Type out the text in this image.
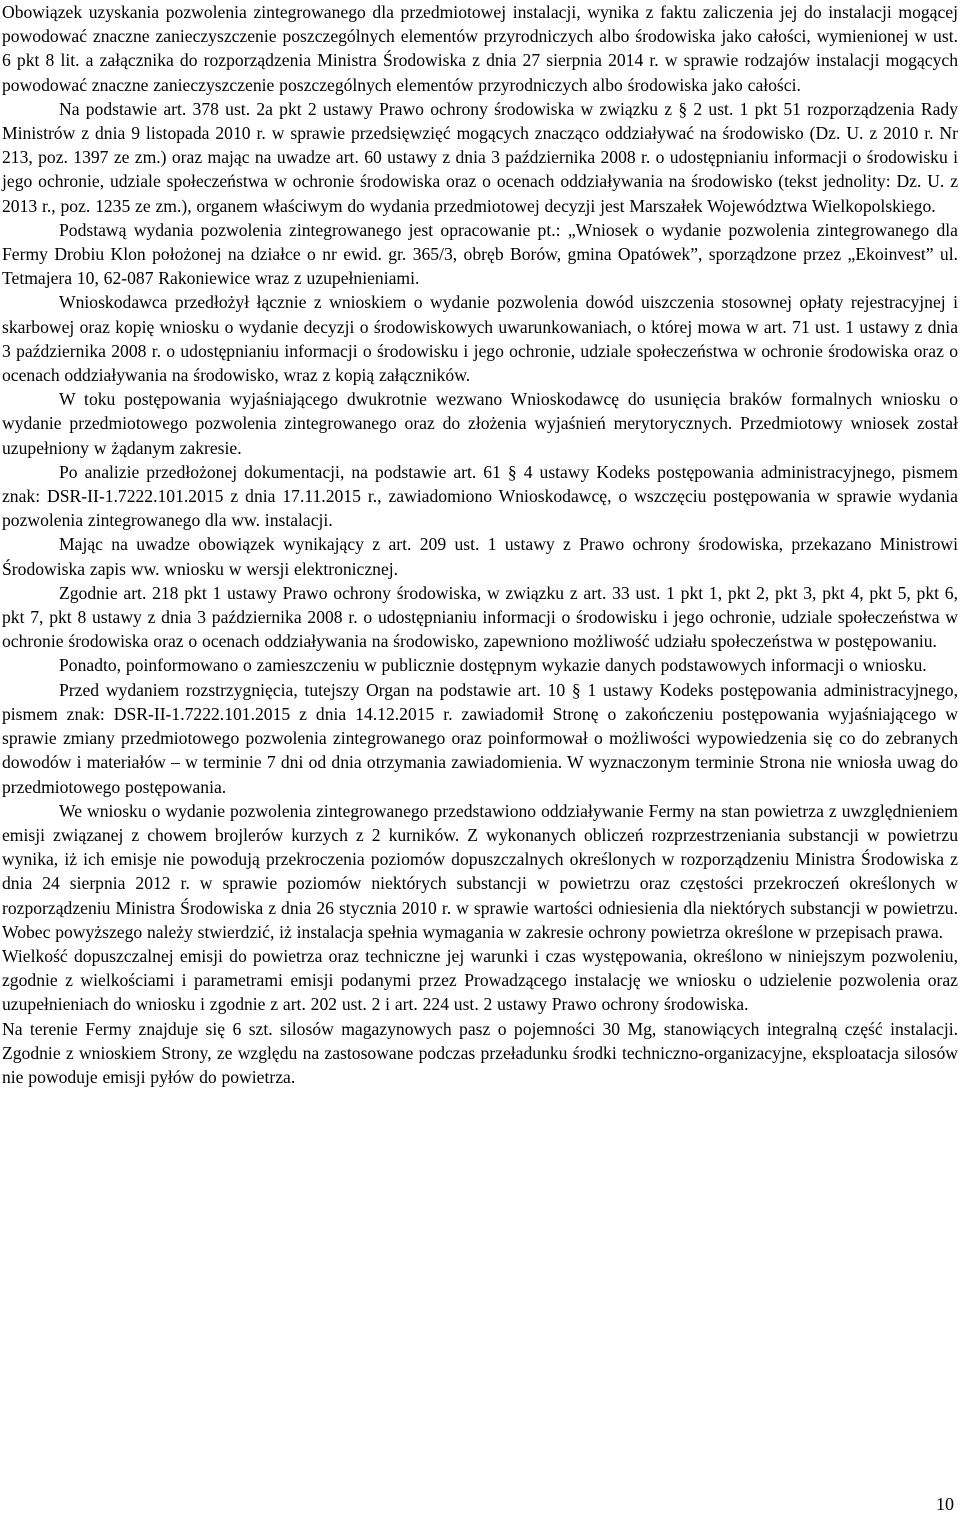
Obowiązek uzyskania pozwolenia zintegrowanego dla przedmiotowej instalacji, wynika z faktu zaliczenia jej do instalacji mogącej powodować znaczne zanieczyszczenie poszczególnych elementów przyrodniczych albo środowiska jako całości, wymienionej w ust. 6 pkt 8 lit. a załącznika do rozporządzenia Ministra Środowiska z dnia 27 sierpnia 2014 r. w sprawie rodzajów instalacji mogących powodować znaczne zanieczyszczenie poszczególnych elementów przyrodniczych albo środowiska jako całości.

Na podstawie art. 378 ust. 2a pkt 2 ustawy Prawo ochrony środowiska w związku z § 2 ust. 1 pkt 51 rozporządzenia Rady Ministrów z dnia 9 listopada 2010 r. w sprawie przedsięwzięć mogących znacząco oddziaływać na środowisko (Dz. U. z 2010 r. Nr 213, poz. 1397 ze zm.) oraz mając na uwadze art. 60 ustawy z dnia 3 października 2008 r. o udostępnianiu informacji o środowisku i jego ochronie, udziale społeczeństwa w ochronie środowiska oraz o ocenach oddziaływania na środowisko (tekst jednolity: Dz. U. z 2013 r., poz. 1235 ze zm.), organem właściwym do wydania przedmiotowej decyzji jest Marszałek Województwa Wielkopolskiego.

Podstawą wydania pozwolenia zintegrowanego jest opracowanie pt.: „Wniosek o wydanie pozwolenia zintegrowanego dla Fermy Drobiu Klon położonej na działce o nr ewid. gr. 365/3, obręb Borów, gmina Opatówek”, sporządzone przez „Ekoinvest” ul. Tetmajera 10, 62-087 Rakoniewice wraz z uzupełnieniami.

Wnioskodawca przedłożył łącznie z wnioskiem o wydanie pozwolenia dowód uiszczenia stosownej opłaty rejestracyjnej i skarbowej oraz kopię wniosku o wydanie decyzji o środowiskowych uwarunkowaniach, o której mowa w art. 71 ust. 1 ustawy z dnia 3 października 2008 r. o udostępnianiu informacji o środowisku i jego ochronie, udziale społeczeństwa w ochronie środowiska oraz o ocenach oddziaływania na środowisko, wraz z kopią załączników.

W toku postępowania wyjaśniającego dwukrotnie wezwano Wnioskodawcę do usunięcia braków formalnych wniosku o wydanie przedmiotowego pozwolenia zintegrowanego oraz do złożenia wyjaśnień merytorycznych. Przedmiotowy wniosek został uzupełniony w żądanym zakresie.

Po analizie przedłożonej dokumentacji, na podstawie art. 61 § 4 ustawy Kodeks postępowania administracyjnego, pismem znak: DSR-II-1.7222.101.2015 z dnia 17.11.2015 r., zawiadomiono Wnioskodawcę, o wszczęciu postępowania w sprawie wydania pozwolenia zintegrowanego dla ww. instalacji.

Mając na uwadze obowiązek wynikający z art. 209 ust. 1 ustawy z Prawo ochrony środowiska, przekazano Ministrowi Środowiska zapis ww. wniosku w wersji elektronicznej.

Zgodnie art. 218 pkt 1 ustawy Prawo ochrony środowiska, w związku z art. 33 ust. 1 pkt 1, pkt 2, pkt 3, pkt 4, pkt 5, pkt 6, pkt 7, pkt 8 ustawy z dnia 3 października 2008 r. o udostępnianiu informacji o środowisku i jego ochronie, udziale społeczeństwa w ochronie środowiska oraz o ocenach oddziaływania na środowisko, zapewniono możliwość udziału społeczeństwa w postępowaniu.

Ponadto, poinformowano o zamieszczeniu w publicznie dostępnym wykazie danych podstawowych informacji o wniosku.

Przed wydaniem rozstrzygnięcia, tutejszy Organ na podstawie art. 10 § 1 ustawy Kodeks postępowania administracyjnego, pismem znak: DSR-II-1.7222.101.2015 z dnia 14.12.2015 r. zawiadomił Stronę o zakończeniu postępowania wyjaśniającego w sprawie zmiany przedmiotowego pozwolenia zintegrowanego oraz poinformował o możliwości wypowiedzenia się co do zebranych dowodów i materiałów – w terminie 7 dni od dnia otrzymania zawiadomienia. W wyznaczonym terminie Strona nie wniosła uwag do przedmiotowego postępowania.

We wniosku o wydanie pozwolenia zintegrowanego przedstawiono oddziaływanie Fermy na stan powietrza z uwzględnieniem emisji związanej z chowem brojlerów kurzych z 2 kurników. Z wykonanych obliczeń rozprzestrzeniania substancji w powietrzu wynika, iż ich emisje nie powodują przekroczenia poziomów dopuszczalnych określonych w rozporządzeniu Ministra Środowiska z dnia 24 sierpnia 2012 r. w sprawie poziomów niektórych substancji w powietrzu oraz częstości przekroczeń określonych w rozporządzeniu Ministra Środowiska z dnia 26 stycznia 2010 r. w sprawie wartości odniesienia dla niektórych substancji w powietrzu. Wobec powyższego należy stwierdzić, iż instalacja spełnia wymagania w zakresie ochrony powietrza określone w przepisach prawa.

Wielkość dopuszczalnej emisji do powietrza oraz techniczne jej warunki i czas występowania, określono w niniejszym pozwoleniu, zgodnie z wielkościami i parametrami emisji podanymi przez Prowadzącego instalację we wniosku o udzielenie pozwolenia oraz uzupełnieniach do wniosku i zgodnie z art. 202 ust. 2 i art. 224 ust. 2 ustawy Prawo ochrony środowiska.

Na terenie Fermy znajduje się 6 szt. silosów magazynowych pasz o pojemności 30 Mg, stanowiących integralną część instalacji. Zgodnie z wnioskiem Strony, ze względu na zastosowane podczas przeładunku środki techniczno-organizacyjne, eksploatacja silosów nie powoduje emisji pyłów do powietrza.

10
